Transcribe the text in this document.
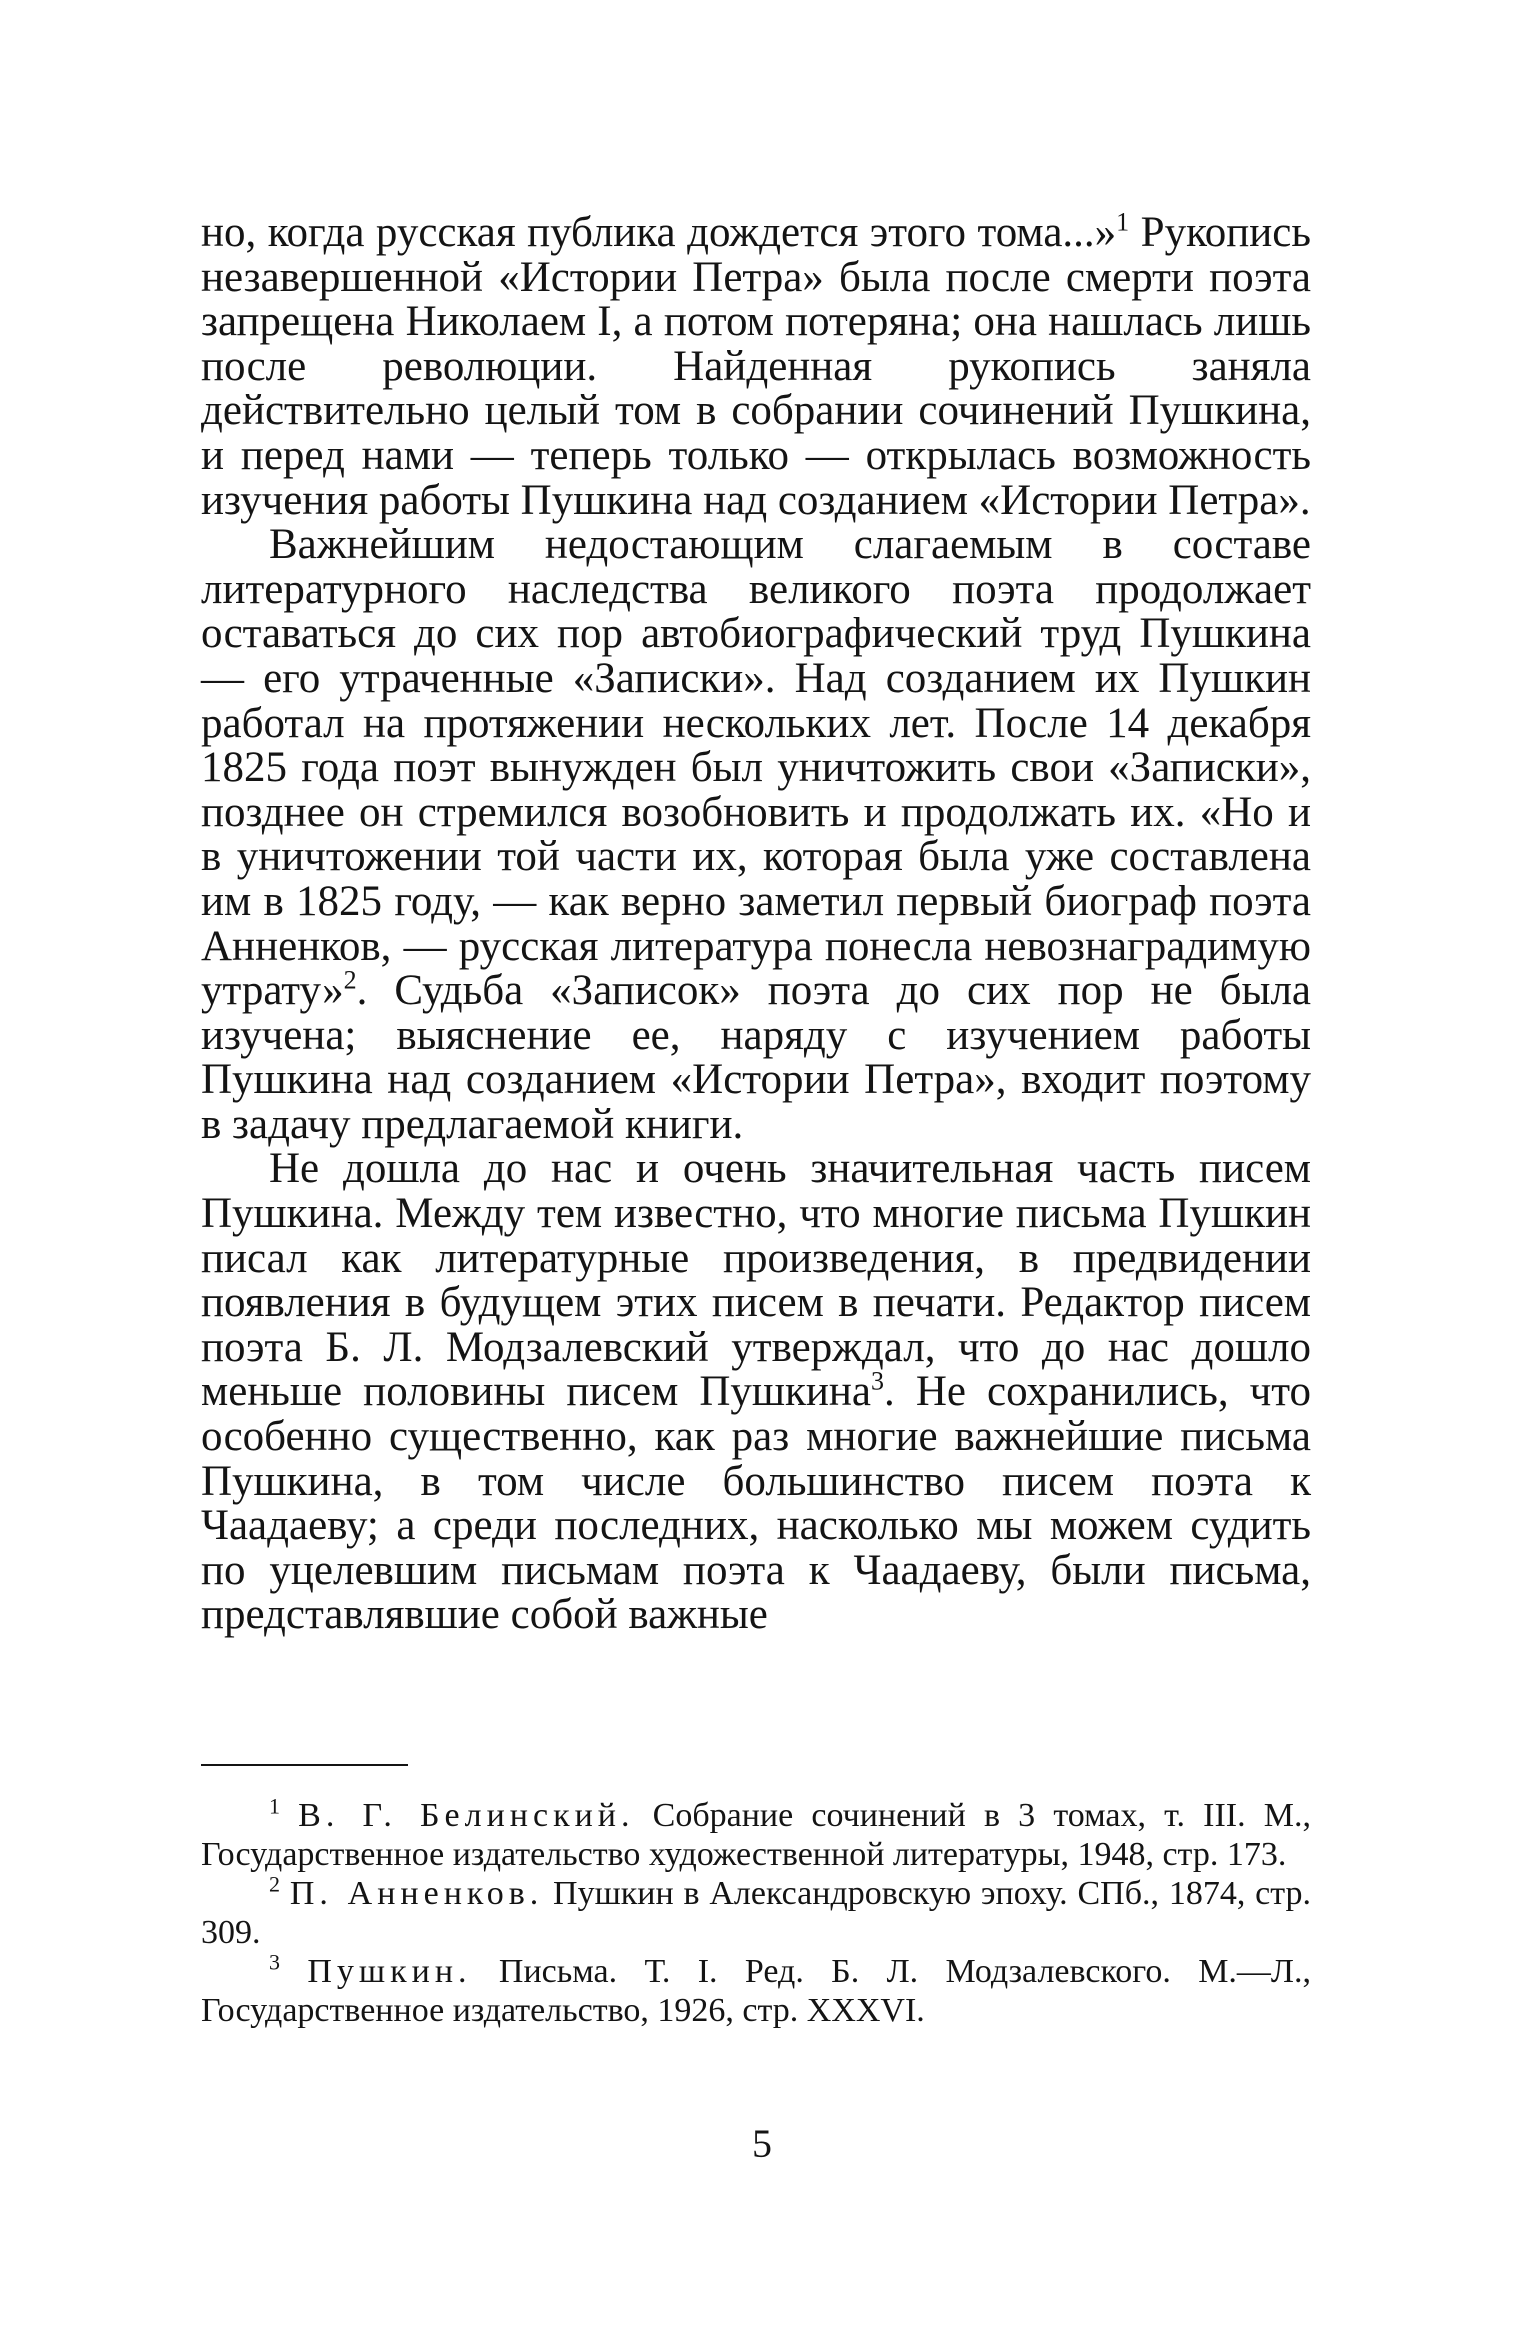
но, когда русская публика дождется этого тома...»$^1$ Рукопись незавершенной «Истории Петра» была после смерти поэта запрещена Николаем I, а потом потеряна; она нашлась лишь после революции. Найденная рукопись заняла действительно целый том в собрании сочинений Пушкина, и перед нами — теперь только — открылась возможность изучения работы Пушкина над созданием «Истории Петра».

Важнейшим недостающим слагаемым в составе литературного наследства великого поэта продолжает оставаться до сих пор автобиографический труд Пушкина — его утраченные «Записки». Над созданием их Пушкин работал на протяжении нескольких лет. После 14 декабря 1825 года поэт вынужден был уничтожить свои «Записки», позднее он стремился возобновить и продолжать их. «Но и в уничтожении той части их, которая была уже составлена им в 1825 году, — как верно заметил первый биограф поэта Анненков, — русская литература понесла невознаградимую утрату»$^2$. Судьба «Записок» поэта до сих пор не была изучена; выяснение ее, наряду с изучением работы Пушкина над созданием «Истории Петра», входит поэтому в задачу предлагаемой книги.

Не дошла до нас и очень значительная часть писем Пушкина. Между тем известно, что многие письма Пушкин писал как литературные произведения, в предвидении появления в будущем этих писем в печати. Редактор писем поэта Б. Л. Модзалевский утверждал, что до нас дошло меньше половины писем Пушкина$^3$. Не сохранились, что особенно существенно, как раз многие важнейшие письма Пушкина, в том числе большинство писем поэта к Чаадаеву; а среди последних, насколько мы можем судить по уцелевшим письмам поэта к Чаадаеву, были письма, представлявшие собой важные

$^1$ В. Г. Белинский. Собрание сочинений в 3 томах, т. III. М., Государственное издательство художественной литературы, 1948, стр. 173.

$^2$ П. Анненков. Пушкин в Александровскую эпоху. СПб., 1874, стр. 309.

$^3$ Пушкин. Письма. Т. I. Ред. Б. Л. Модзалевского. М.—Л., Государственное издательство, 1926, стр. XXXVI.

5
